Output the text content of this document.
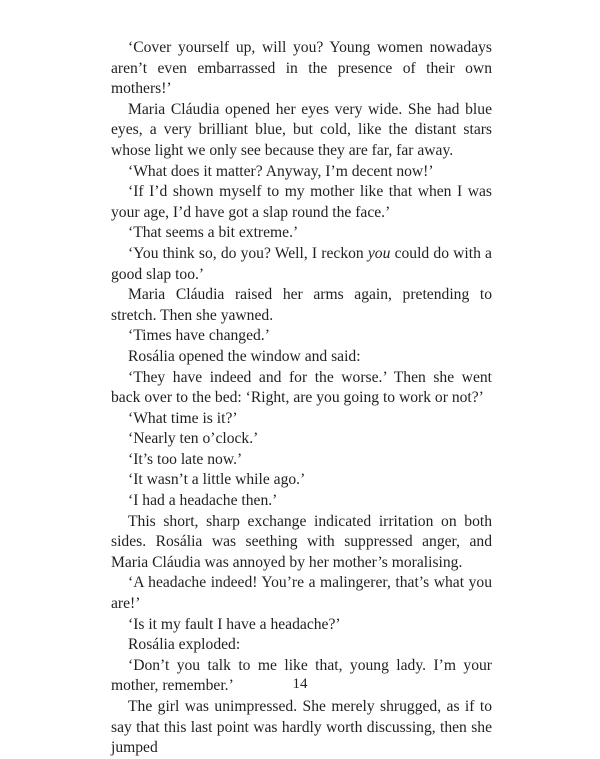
‘Cover yourself up, will you? Young women nowadays aren’t even embarrassed in the presence of their own mothers!’

Maria Cláudia opened her eyes very wide. She had blue eyes, a very brilliant blue, but cold, like the distant stars whose light we only see because they are far, far away.

‘What does it matter? Anyway, I’m decent now!’

‘If I’d shown myself to my mother like that when I was your age, I’d have got a slap round the face.’

‘That seems a bit extreme.’

‘You think so, do you? Well, I reckon you could do with a good slap too.’

Maria Cláudia raised her arms again, pretending to stretch. Then she yawned.

‘Times have changed.’

Rosália opened the window and said:

‘They have indeed and for the worse.’ Then she went back over to the bed: ‘Right, are you going to work or not?’

‘What time is it?’

‘Nearly ten o’clock.’

‘It’s too late now.’

‘It wasn’t a little while ago.’

‘I had a headache then.’

This short, sharp exchange indicated irritation on both sides. Rosália was seething with suppressed anger, and Maria Cláudia was annoyed by her mother’s moralising.

‘A headache indeed! You’re a malingerer, that’s what you are!’

‘Is it my fault I have a headache?’

Rosália exploded:

‘Don’t you talk to me like that, young lady. I’m your mother, remember.’

The girl was unimpressed. She merely shrugged, as if to say that this last point was hardly worth discussing, then she jumped

14
